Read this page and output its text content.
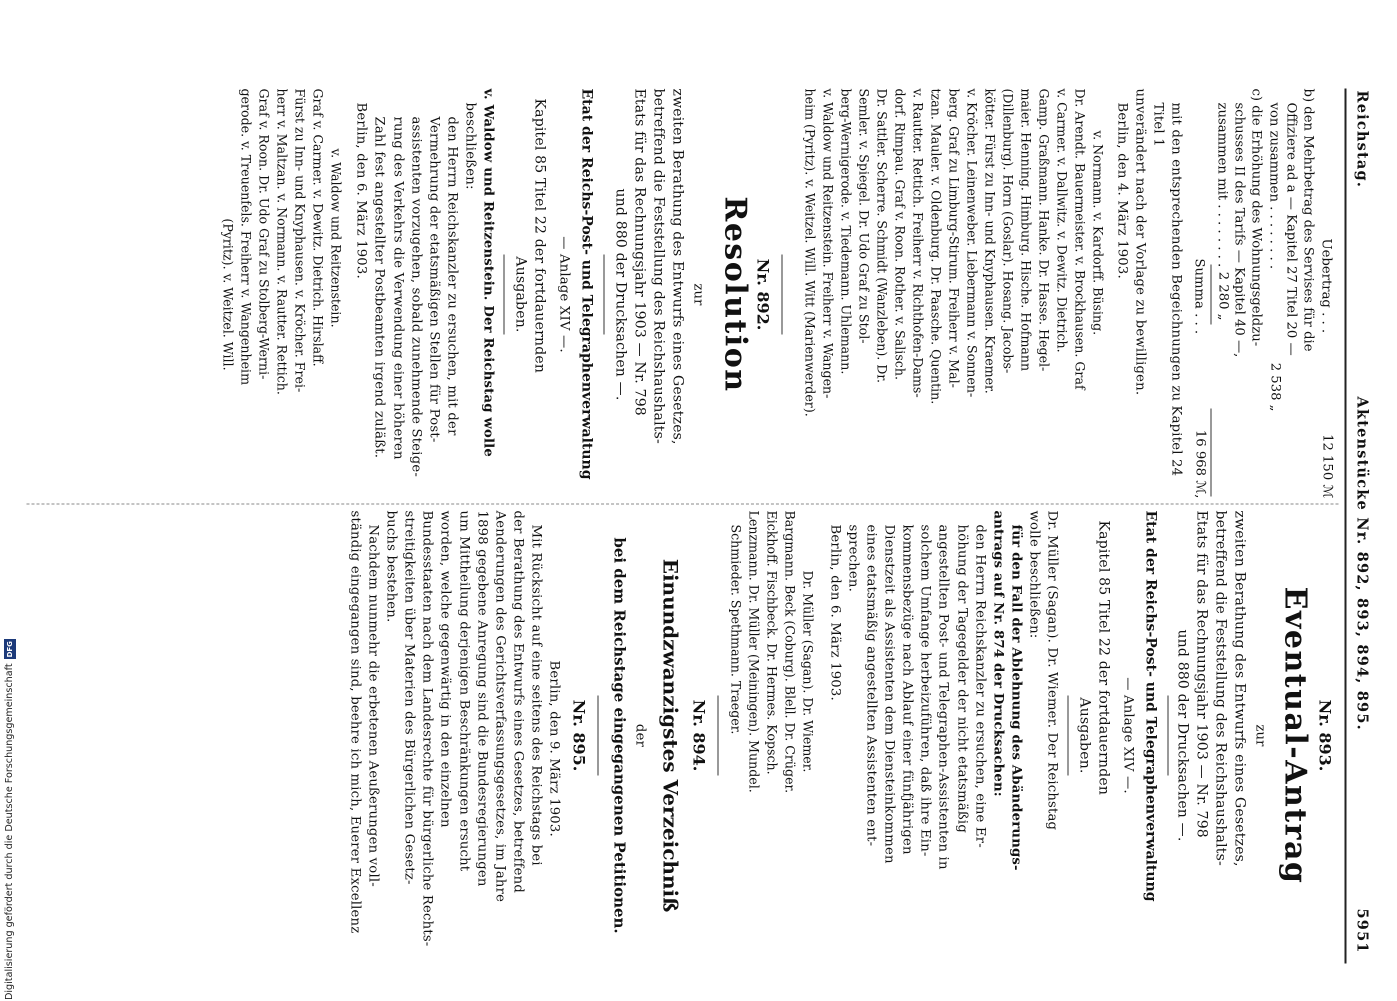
Reichstag.
Aktenstücke Nr. 892, 893, 894, 895.
5951
Uebertrag . . .
12 150 ℳ
b) den Mehrbetrag des Servises für die
Offiziere ad a — Kapitel 27 Titel 20 —
von zusammen . . . . . . . .
2 538 „
c) die Erhöhung des Wohnungsgeldzu-
schusses II des Tarifs — Kapitel 40 —,
zusammen mit . . . . . . . .
2 280 „
Summa . . .
16 968 ℳ,
mit den entsprechenden Begeichnungen zu Kapitel 24
Titel 1
unverändert nach der Vorlage zu bewilligen.
Berlin, den 4. März 1903.
v. Normann. v. Kardorff. Büsing.
Dr. Arendt. Bauermeister. v. Brockhausen. Graf
v. Carmer. v. Dallwitz. v. Dewitz. Dietrich.
Gamp. Graßmann. Hanke. Dr. Hasse. Hegel-
maier. Henning. Himburg. Hische. Hofmann
(Dillenburg). Horn (Goslar). Hosang. Jacobs-
kötter. Fürst zu Inn- und Knyphausen. Kraemer.
v. Kröcher. Leinenweber. Liebermann v. Sonnen-
berg. Graf zu Limburg-Stirum. Freiherr v. Mal-
tzan. Mauler. v. Oldenburg. Dr. Paasche. Quentin.
v. Rautter. Rettich. Freiherr v. Richthofen-Dams-
dorf. Rimpau. Graf v. Roon. Rother. v. Salisch.
Dr. Sattler. Scherre. Schmidt (Wanzleben). Dr.
Semler. v. Spiegel. Dr. Udo Graf zu Stol-
berg-Wernigerode. v. Tiedemann. Uhlemann.
v. Waldow und Reitzenstein. Freiherr v. Wangen-
heim (Pyritz). v. Weitzel. Will. Witt (Marienwerder).
Nr. 892.
Resolution
zur
zweiten Berathung des Entwurfs eines Gesetzes,
betreffend die Feststellung des Reichshaushalts-
Etats für das Rechnungsjahr 1903 — Nr. 798
und 880 der Drucksachen —.
Etat der Reichs-Post- und Telegraphenverwaltung
— Anlage XIV —.
Kapitel 85 Titel 22 der fortdauernden
Ausgaben.
v. Waldow und Reitzenstein. Der Reichstag wolle
beschließen:
den Herrn Reichskanzler zu ersuchen, mit der
Vermehrung der etatsmäßigen Stellen für Post-
assistenten vorzugehen, sobald zunehmende Steige-
rung des Verkehrs die Verwendung einer höheren
Zahl fest angestellter Postbeamten irgend zuläßt.
Berlin, den 6. März 1903.
v. Waldow und Reitzenstein.
Graf v. Carmer. v. Dewitz. Dietrich. Hirslaff.
Fürst zu Inn- und Knyphausen. v. Kröcher. Frei-
herr v. Maltzan. v. Normann. v. Rautter. Rettich.
Graf v. Roon. Dr. Udo Graf zu Stolberg-Werni-
gerode. v. Treuenfels. Freiherr v. Wangenheim
(Pyritz). v. Weitzel. Will.
Nr. 893.
Eventual-Antrag
zur
zweiten Berathung des Entwurfs eines Gesetzes,
betreffend die Feststellung des Reichshaushalts-
Etats für das Rechnungsjahr 1903 — Nr. 798
und 880 der Drucksachen —.
Etat der Reichs-Post- und Telegraphenverwaltung
— Anlage XIV —.
Kapitel 85 Titel 22 der fortdauernden
Ausgaben.
Dr. Müller (Sagan). Dr. Wiemer. Der Reichstag
wolle beschließen:
für den Fall der Ablehnung des Abänderungs-
antrags auf Nr. 874 der Drucksachen:
den Herrn Reichskanzler zu ersuchen, eine Er-
höhung der Tagegelder der nicht etatsmäßig
angestellten Post- und Telegraphen-Assistenten in
solchem Umfange herbeizuführen, daß ihre Ein-
kommensbezüge nach Ablauf einer fünfjährigen
Dienstzeit als Assistenten dem Diensteinkommen
eines etatsmäßig angestellten Assistenten ent-
sprechen.
Berlin, den 6. März 1903.
Dr. Müller (Sagan). Dr. Wiemer.
Bargmann. Beck (Coburg). Blell. Dr. Crüger.
Eickhoff. Fischbeck. Dr. Hermes. Kopsch.
Lenzmann. Dr. Müller (Meiningen). Mundel.
Schmieder. Spethmann. Traeger.
Nr. 894.
Einundzwanzigstes Verzeichniß
der
bei dem Reichstage eingegangenen Petitionen.
Nr. 895.
Berlin, den 9. März 1903.
Mit Rücksicht auf eine seitens des Reichstags bei
der Berathung des Entwurfs eines Gesetzes, betreffend
Aenderungen des Gerichtsverfassungsgesetzes, im Jahre
1898 gegebene Anregung sind die Bundesregierungen
um Mittheilung derjenigen Beschränkungen ersucht
worden, welche gegenwärtig in den einzelnen
Bundesstaaten nach dem Landesrechte für bürgerliche Rechts-
streitigkeiten über Materien des Bürgerlichen Gesetz-
buchs bestehen.
Nachdem nunmehr die erbetenen Aeußerungen voll-
ständig eingegangen sind, beehre ich mich, Euerer Excellenz
Digitalisierung gefördert durch die Deutsche Forschungsgemeinschaft
DFG
